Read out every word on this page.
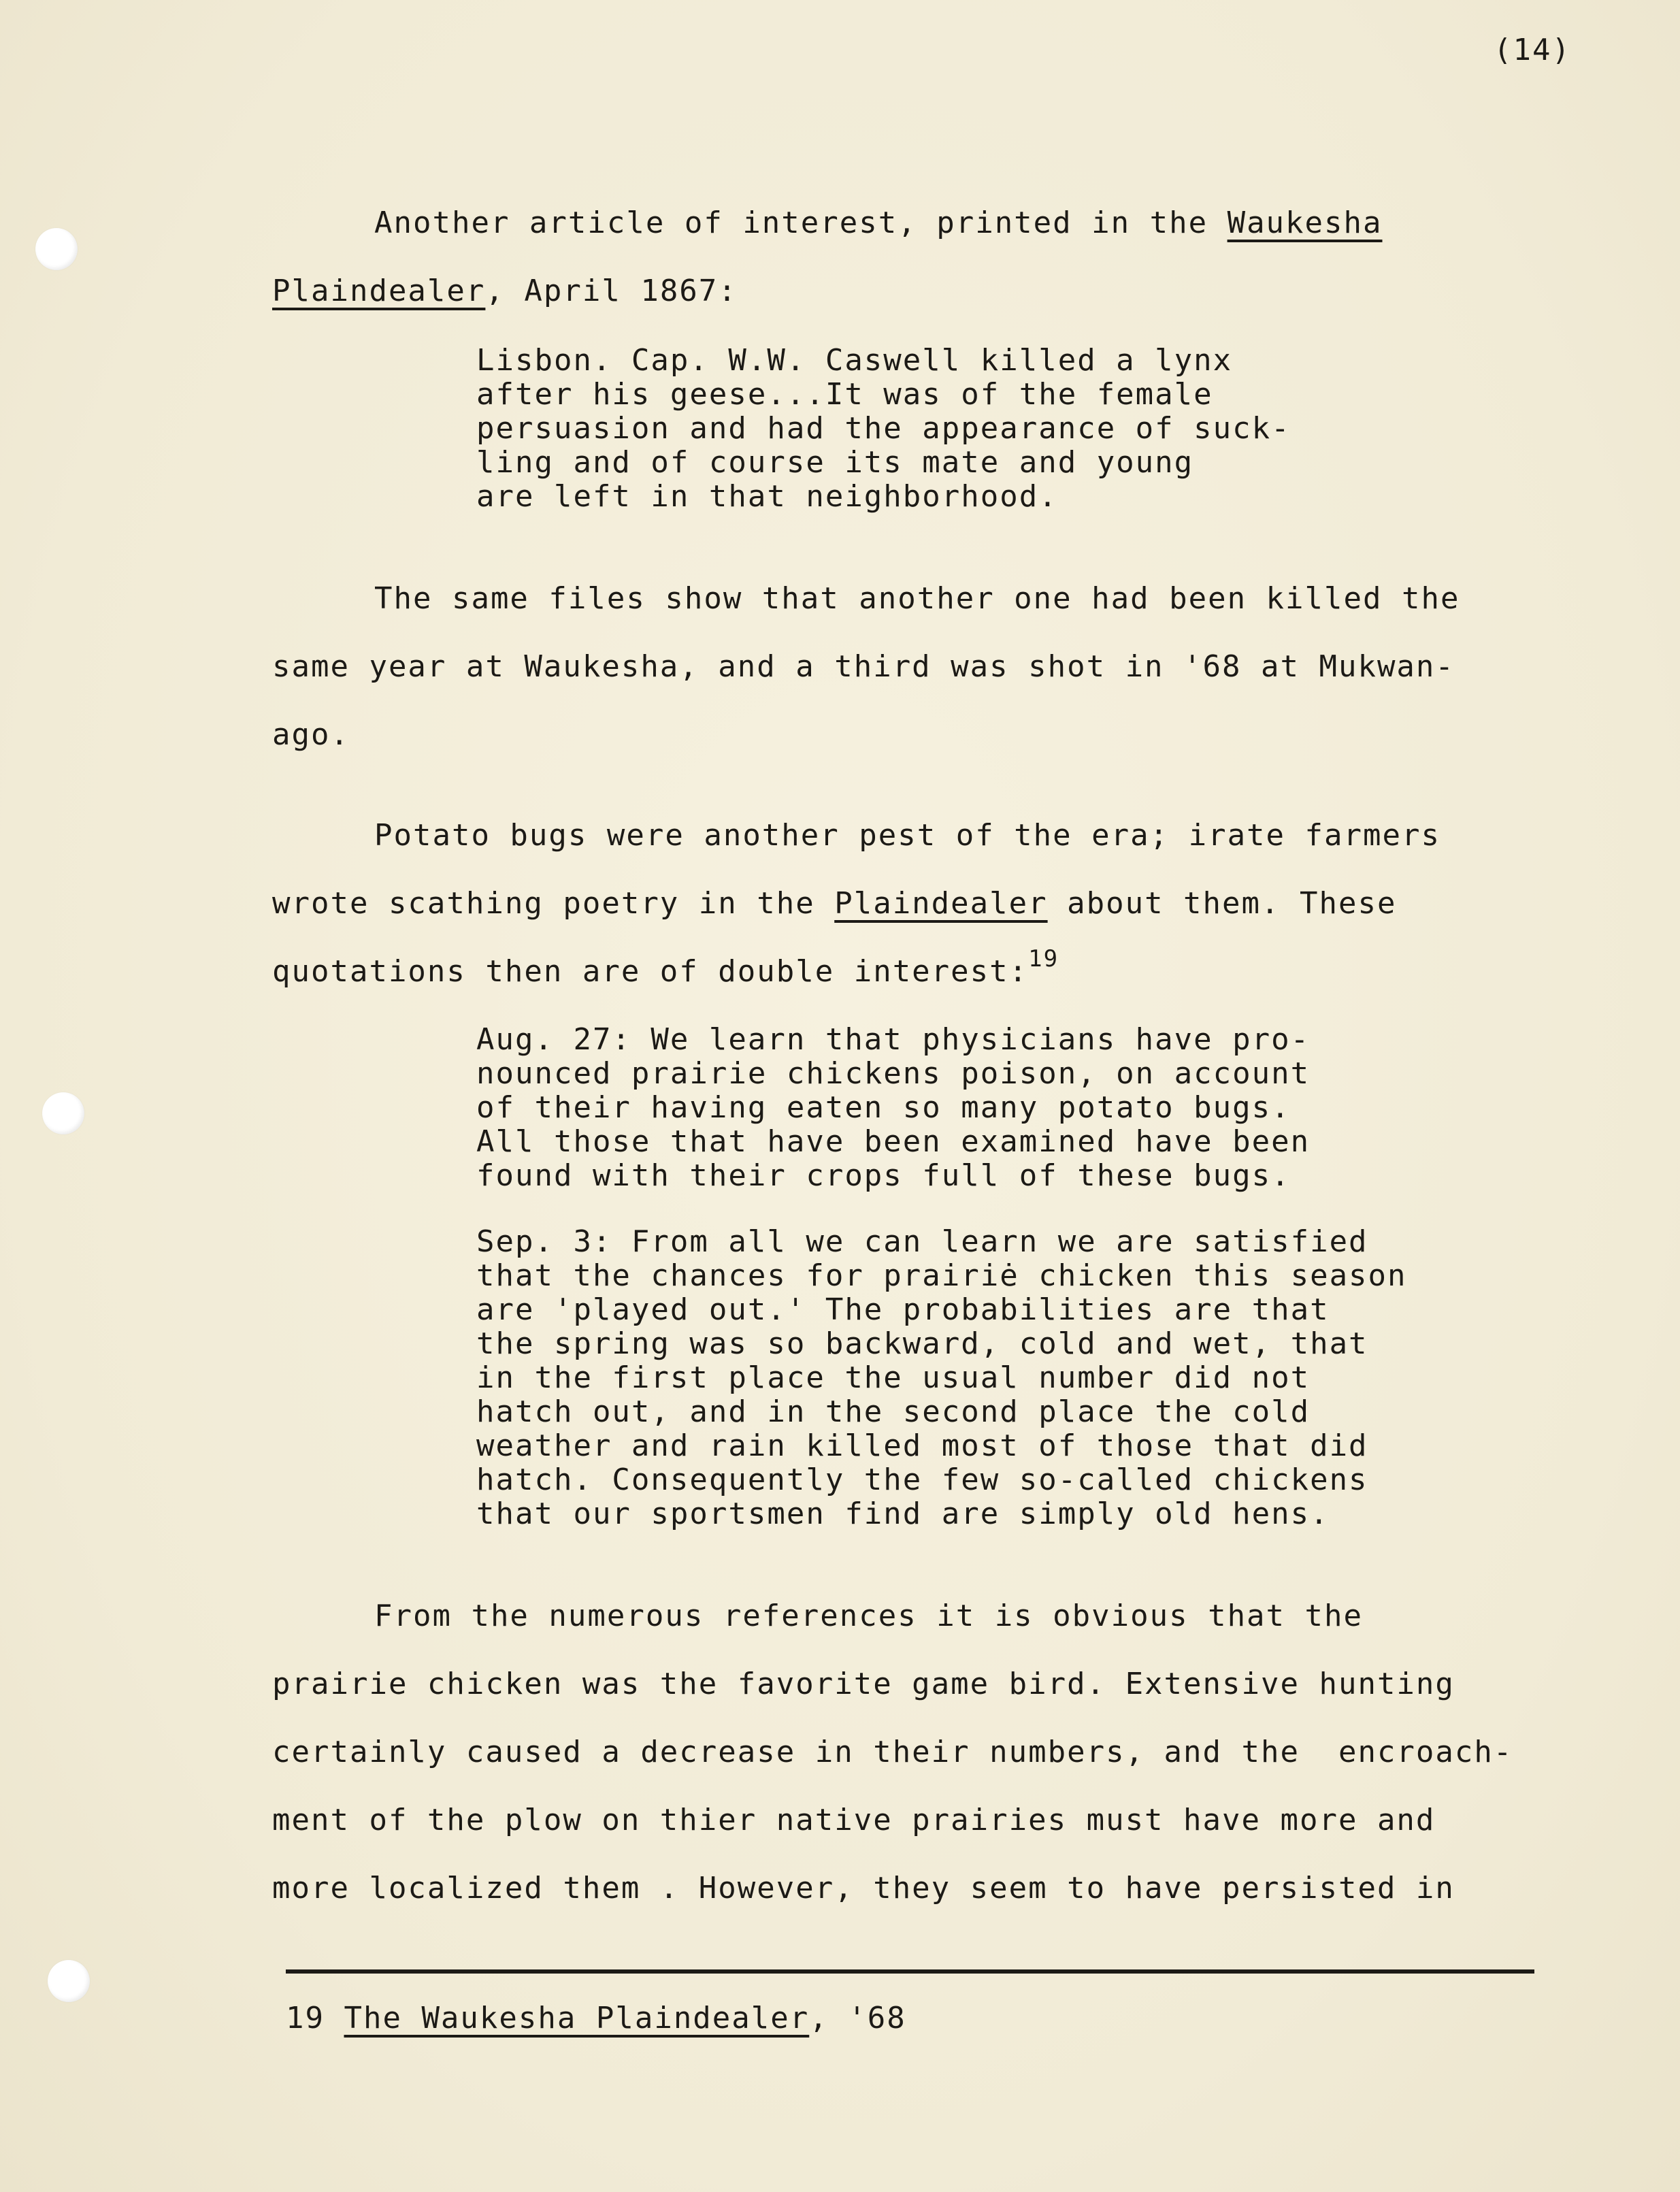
(14)
Another article of interest, printed in the Waukesha
Plaindealer, April 1867:
Lisbon. Cap. W.W. Caswell killed a lynx
after his geese...It was of the female
persuasion and had the appearance of suck-
ling and of course its mate and young
are left in that neighborhood.
The same files show that another one had been killed the
same year at Waukesha, and a third was shot in '68 at Mukwan-
ago.
Potato bugs were another pest of the era; irate farmers
wrote scathing poetry in the Plaindealer about them. These
quotations then are of double interest:$^{19}$
Aug. 27: We learn that physicians have pro-
nounced prairie chickens poison, on account
of their having eaten so many potato bugs.
All those that have been examined have been
found with their crops full of these bugs.
Sep. 3: From all we can learn we are satisfied
that the chances for prairiė chicken this season
are 'played out.' The probabilities are that
the spring was so backward, cold and wet, that
in the first place the usual number did not
hatch out, and in the second place the cold
weather and rain killed most of those that did
hatch. Consequently the few so-called chickens
that our sportsmen find are simply old hens.
From the numerous references it is obvious that the
prairie chicken was the favorite game bird. Extensive hunting
certainly caused a decrease in their numbers, and the  encroach-
ment of the plow on thier native prairies must have more and
more localized them . However, they seem to have persisted in
19 The Waukesha Plaindealer, '68
